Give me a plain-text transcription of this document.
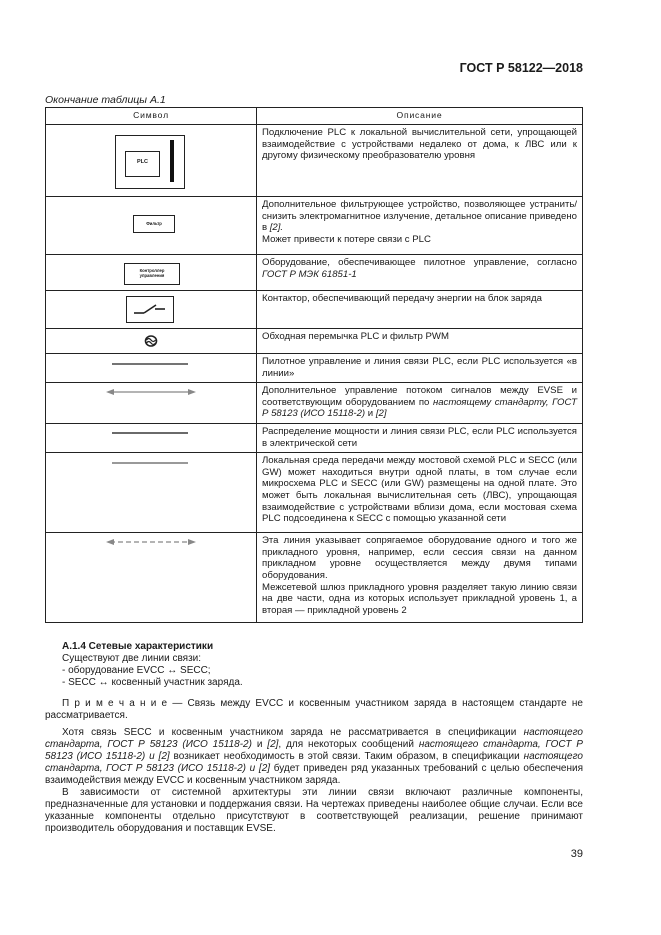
ГОСТ Р 58122—2018
Окончание таблицы А.1
Символ	Описание

PLC	Подключение PLC к локальной вычислительной сети, упрощающей взаимодействие с устройствами недалеко от дома, к ЛВС или к другому физическому преобразователю уровня

Фильтр	Дополнительное фильтрующее устройство, позволяющее устранить/снизить электромагнитное излучение, детальное описание приведено в [2].
Может привести к потере связи с PLC

Контроллер
управления	Оборудование, обеспечивающее пилотное управление, согласно ГОСТ Р МЭК 61851-1

	Контактор, обеспечивающий передачу энергии на блок заряда

	Обходная перемычка PLC и фильтр PWM

	Пилотное управление и линия связи PLC, если PLC используется «в линии»

	Дополнительное управление потоком сигналов между EVSE и соответствующим оборудованием по настоящему стандарту, ГОСТ Р 58123 (ИСО 15118-2) и [2]

	Распределение мощности и линия связи PLC, если PLC используется в электрической сети

	Локальная среда передачи между мостовой схемой PLC и SECC (или GW) может находиться внутри одной платы, в том случае если микросхема PLC и SECC (или GW) размещены на одной плате. Это может быть локальная вычислительная сеть (ЛВС), упрощающая взаимодействие с устройствами вблизи дома, если мостовая схема PLC подсоединена к SECC с помощью указанной сети

	Эта линия указывает сопрягаемое оборудование одного и того же прикладного уровня, например, если сессия связи на данном прикладном уровне осуществляется между двумя типами оборудования.
Межсетевой шлюз прикладного уровня разделяет такую линию связи на две части, одна из которых использует прикладной уровень 1, а вторая — прикладной уровень 2
А.1.4 Сетевые характеристики
Существуют две линии связи:
- оборудование EVCC ↔ SECC;
- SECC ↔ косвенный участник заряда.
П р и м е ч а н и е — Связь между EVCC и косвенным участником заряда в настоящем стандарте не рассматривается.

Хотя связь SECC и косвенным участником заряда не рассматривается в спецификации настоящего стандарта, ГОСТ Р 58123 (ИСО 15118-2) и [2], для некоторых сообщений настоящего стандарта, ГОСТ Р 58123 (ИСО 15118-2) и [2] возникает необходимость в этой связи. Таким образом, в спецификации настоящего стандарта, ГОСТ Р 58123 (ИСО 15118-2) и [2] будет приведен ряд указанных требований с целью обеспечения взаимодействия между EVCC и косвенным участником заряда.

В зависимости от системной архитектуры эти линии связи включают различные компоненты, предназначенные для установки и поддержания связи. На чертежах приведены наиболее общие случаи. Если все указанные компоненты отдельно присутствуют в соответствующей реализации, решение принимают производитель оборудования и поставщик EVSE.

39
